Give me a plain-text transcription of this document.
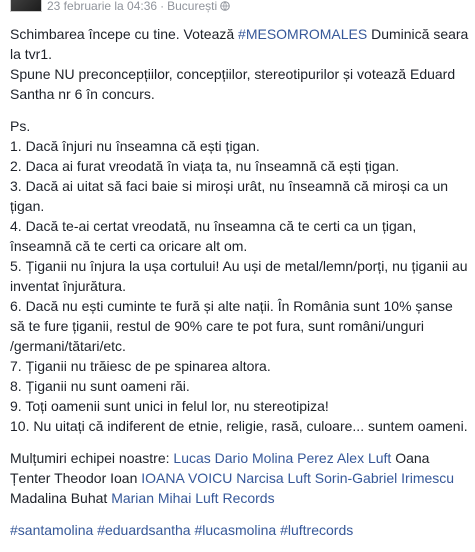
23 februarie la 04:36 · București

Schimbarea începe cu tine. Votează #MESOMROMALES Duminică seara la tvr1.
Spune NU preconcepțiilor, concepțiilor, stereotipurilor și votează Eduard Santha nr 6 în concurs.

Ps.
1. Dacă înjuri nu înseamna că ești țigan.
2. Daca ai furat vreodată în viața ta, nu înseamnă că ești țigan.
3. Dacă ai uitat să faci baie si miroși urât, nu înseamnă că miroși ca un țigan.
4. Dacă te-ai certat vreodată, nu înseamna că te certi ca un țigan, înseamnă că te certi ca oricare alt om.
5. Țiganii nu înjura la ușa cortului! Au uși de metal/lemn/porți, nu țiganii au inventat înjurătura.
6. Dacă nu ești cuminte te fură și alte nații. În România sunt 10% șanse să te fure țiganii, restul de 90% care te pot fura, sunt români/unguri /germani/tătari/etc.
7. Țiganii nu trăiesc de pe spinarea altora.
8. Țiganii nu sunt oameni răi.
9. Toți oamenii sunt unici in felul lor, nu stereotipiza!
10. Nu uitați că indiferent de etnie, religie, rasă, culoare... suntem oameni.

Mulțumiri echipei noastre: Lucas Dario Molina Perez Alex Luft Oana Țenter Theodor Ioan IOANA VOICU Narcisa Luft Sorin-Gabriel Irimescu Madalina Buhat Marian Mihai Luft Records

#santamolina #eduardsantha #lucasmolina #luftrecords
